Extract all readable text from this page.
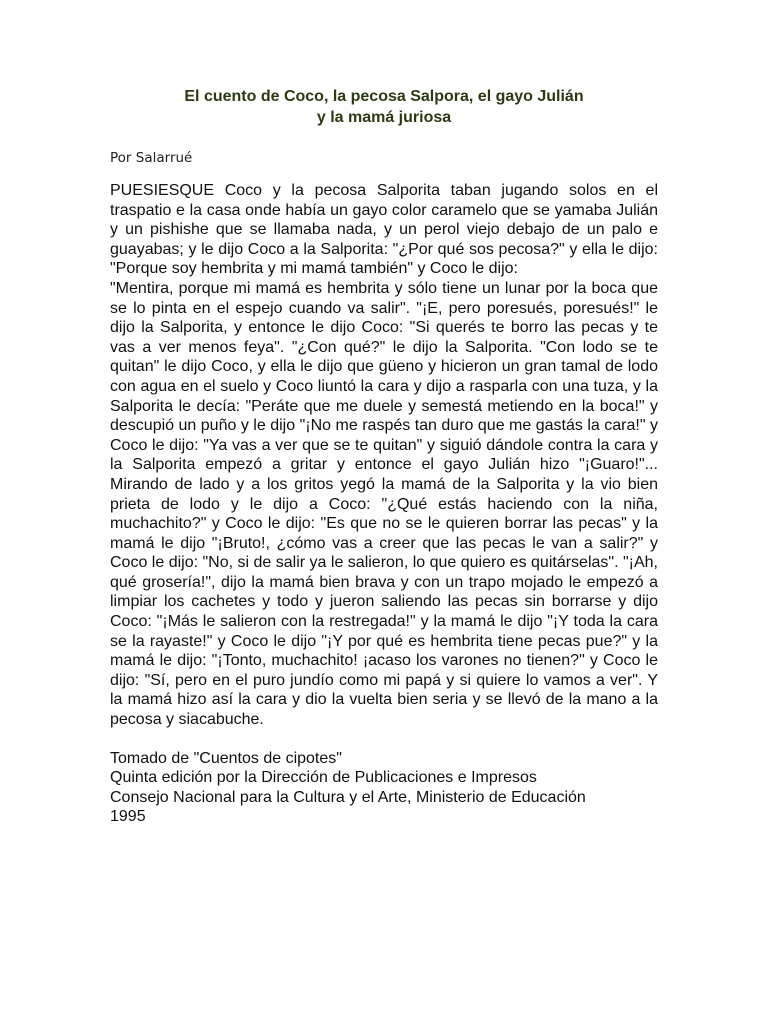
El cuento de Coco, la pecosa Salpora, el gayo Julián
y la mamá juriosa
Por Salarrué

PUESIESQUE Coco y la pecosa Salporita taban jugando solos en el traspatio e la casa onde había un gayo color caramelo que se yamaba Julián y un pishishe que se llamaba nada, y un perol viejo debajo de un palo e guayabas; y le dijo Coco a la Salporita: "¿Por qué sos pecosa?" y ella le dijo: "Porque soy hembrita y mi mamá también" y Coco le dijo:

"Mentira, porque mi mamá es hembrita y sólo tiene un lunar por la boca que se lo pinta en el espejo cuando va salir". "¡E, pero poresués, poresués!" le dijo la Salporita, y entonce le dijo Coco: "Si querés te borro las pecas y te vas a ver menos feya". "¿Con qué?" le dijo la Salporita. "Con lodo se te quitan" le dijo Coco, y ella le dijo que güeno y hicieron un gran tamal de lodo con agua en el suelo y Coco liuntó la cara y dijo a rasparla con una tuza, y la Salporita le decía: "Peráte que me duele y semestá metiendo en la boca!" y descupió un puño y le dijo "¡No me raspés tan duro que me gastás la cara!" y Coco le dijo: "Ya vas a ver que se te quitan" y siguió dándole contra la cara y la Salporita empezó a gritar y entonce el gayo Julián hizo "¡Guaro!"... Mirando de lado y a los gritos yegó la mamá de la Salporita y la vio bien prieta de lodo y le dijo a Coco: "¿Qué estás haciendo con la niña, muchachito?" y Coco le dijo: "Es que no se le quieren borrar las pecas" y la mamá le dijo "¡Bruto!, ¿cómo vas a creer que las pecas le van a salir?" y Coco le dijo: "No, si de salir ya le salieron, lo que quiero es quitárselas". "¡Ah, qué grosería!", dijo la mamá bien brava y con un trapo mojado le empezó a limpiar los cachetes y todo y jueron saliendo las pecas sin borrarse y dijo Coco: "¡Más le salieron con la restregada!" y la mamá le dijo "¡Y toda la cara se la rayaste!" y Coco le dijo "¡Y por qué es hembrita tiene pecas pue?" y la mamá le dijo: "¡Tonto, muchachito! ¡acaso los varones no tienen?" y Coco le dijo: "Sí, pero en el puro jundío como mi papá y si quiere lo vamos a ver". Y la mamá hizo así la cara y dio la vuelta bien seria y se llevó de la mano a la pecosa y siacabuche.

Tomado de "Cuentos de cipotes"
Quinta edición por la Dirección de Publicaciones e Impresos
Consejo Nacional para la Cultura y el Arte, Ministerio de Educación
1995
